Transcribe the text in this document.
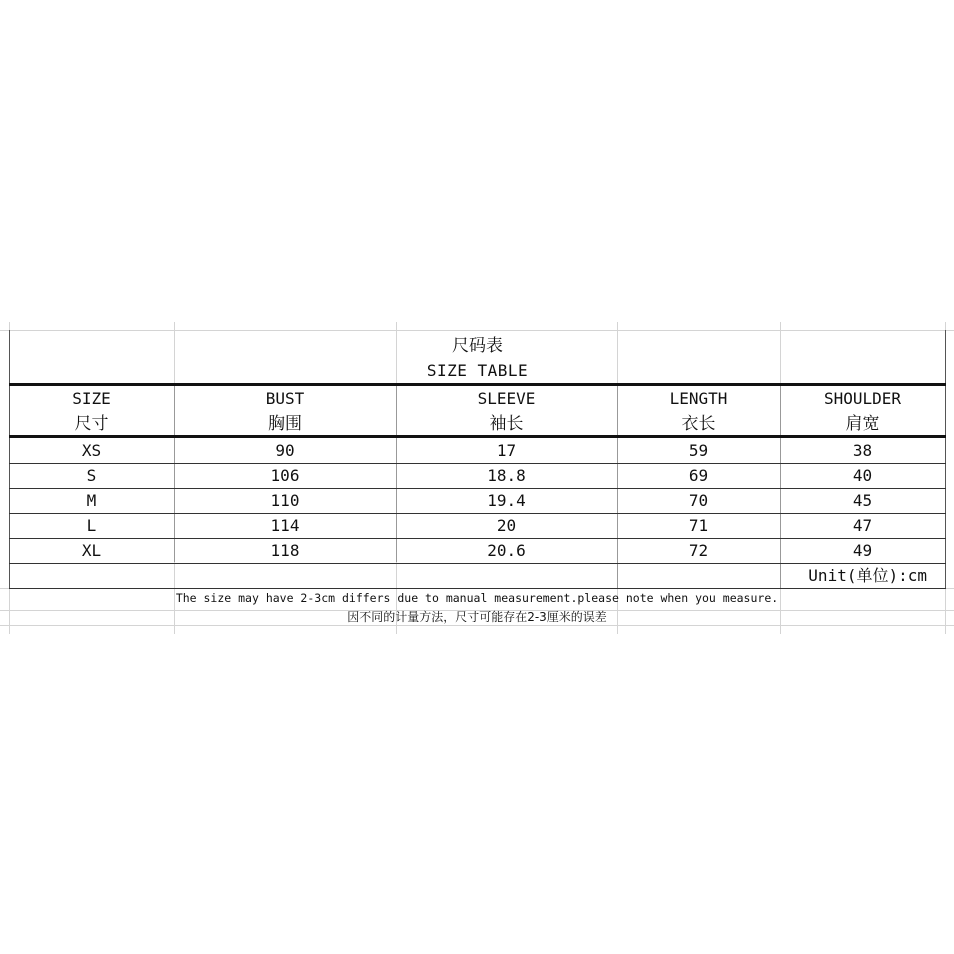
尺码表
SIZE TABLE
SIZE	BUST	SLEEVE	LENGTH	SHOULDER
尺寸	胸围	袖长	衣长	肩宽
XS	90	17	59	38
S	106	18.8	69	40
M	110	19.4	70	45
L	114	20	71	47
XL	118	20.6	72	49
Unit(单位):cm
The size may have 2-3cm differs due to manual measurement.please note when you measure.
因不同的计量方法，尺寸可能存在2-3厘米的误差
